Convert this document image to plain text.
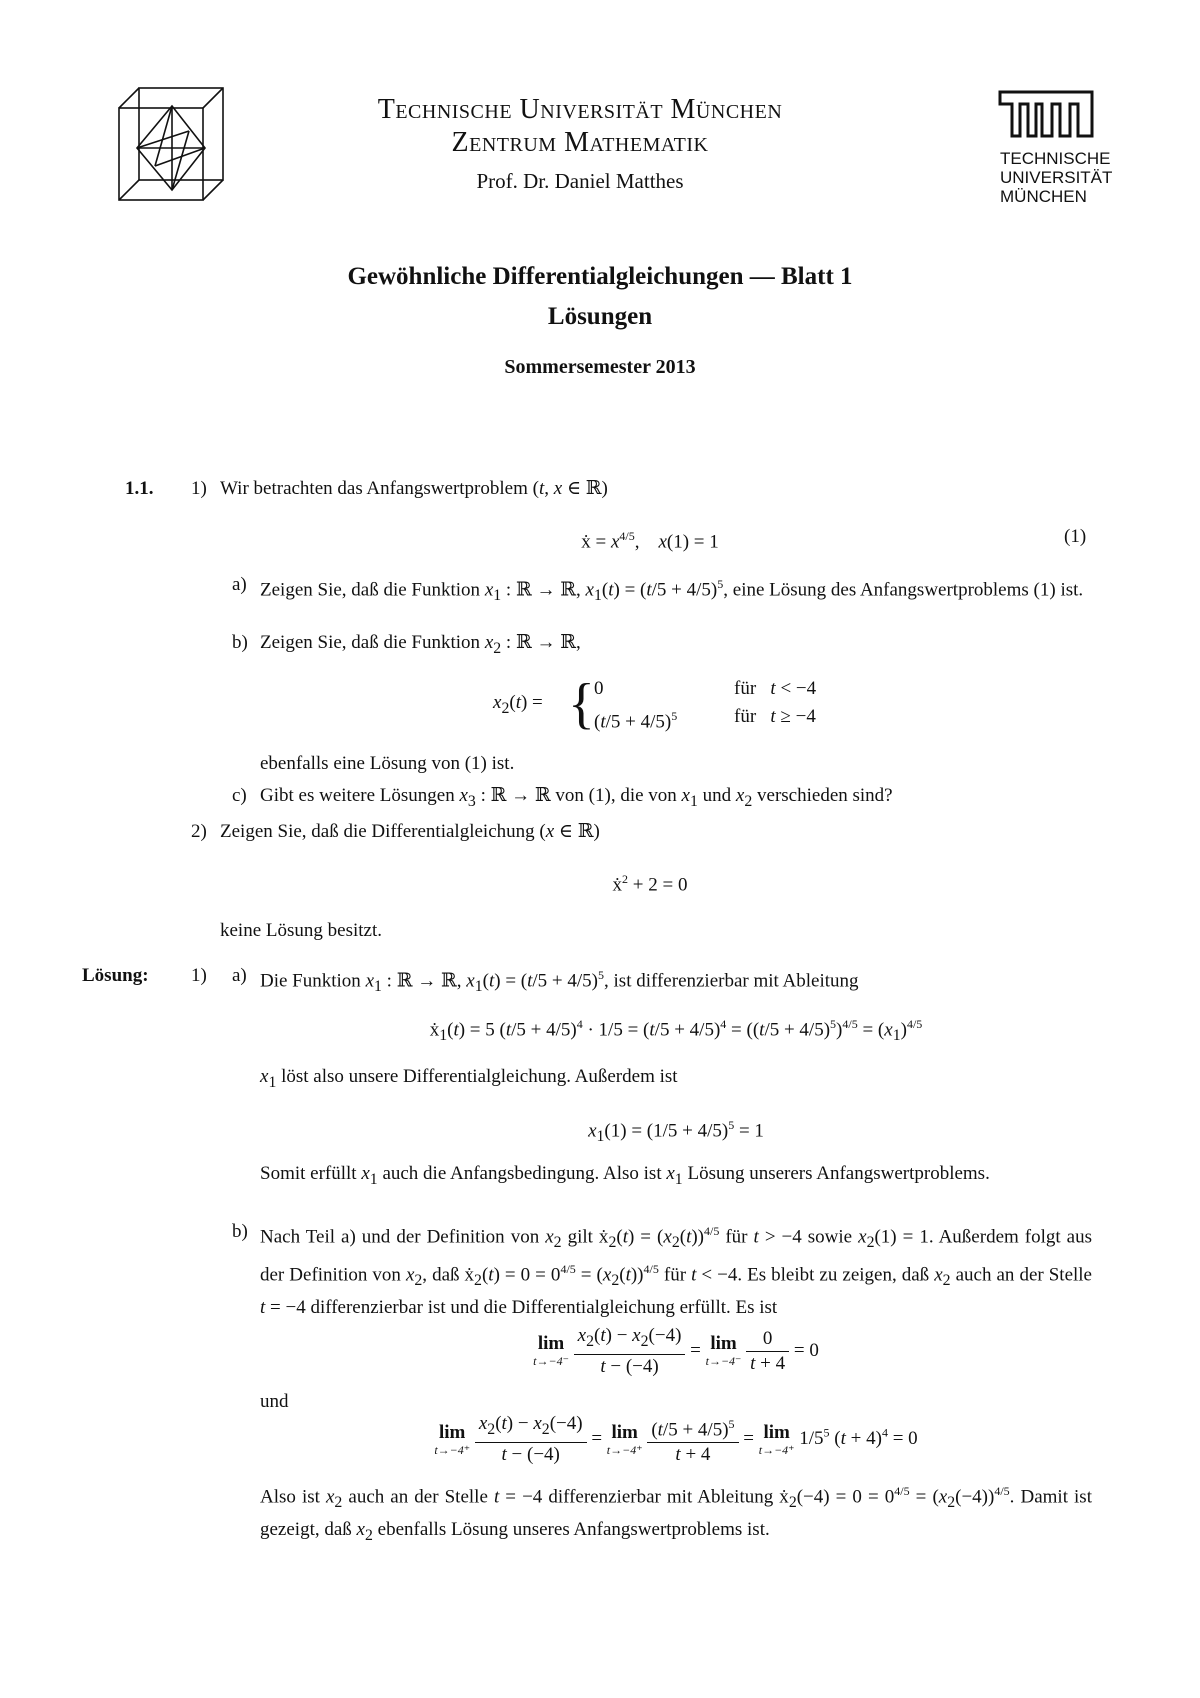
Technische Universität München
Zentrum Mathematik
Prof. Dr. Daniel Matthes
TECHNISCHE
UNIVERSITÄT
MÜNCHEN
Gewöhnliche Differentialgleichungen — Blatt 1
Lösungen
Sommersemester 2013
1.1. 1) Wir betrachten das Anfangswertproblem (t, x ∈ ℝ)
ẋ = $x^{4/5}$,    x(1) = 1	(1)
a) Zeigen Sie, daß die Funktion $x_1$ : ℝ → ℝ, $x_1(t) = (t/5 + 4/5)^5$, eine Lösung des Anfangswertproblems (1) ist.
b) Zeigen Sie, daß die Funktion $x_2$ : ℝ → ℝ,
$x_2(t)$ = { 0	für   t < −4
$(t/5 + 4/5)^5$	für   t ≥ −4
ebenfalls eine Lösung von (1) ist.
c) Gibt es weitere Lösungen $x_3$ : ℝ → ℝ von (1), die von $x_1$ und $x_2$ verschieden sind?
2) Zeigen Sie, daß die Differentialgleichung (x ∈ ℝ)
ẋ$^2$ + 2 = 0
keine Lösung besitzt.
Lösung: 1) a) Die Funktion $x_1$ : ℝ → ℝ, $x_1(t) = (t/5 + 4/5)^5$, ist differenzierbar mit Ableitung
ẋ$_1$(t) = 5 $(t/5 + 4/5)^4 \cdot 1/5 = (t/5 + 4/5)^4 = ((t/5 + 4/5)^5)^{4/5} = (x_1)^{4/5}$
$x_1$ löst also unsere Differentialgleichung. Außerdem ist
$x_1(1) = (1/5 + 4/5)^5 = 1$
Somit erfüllt $x_1$ auch die Anfangsbedingung. Also ist $x_1$ Lösung unserers Anfangswertproblems.
b) Nach Teil a) und der Definition von $x_2$ gilt ẋ$_2$(t) = $(x_2(t))^{4/5}$ für t > −4 sowie $x_2(1) = 1$. Außerdem folgt aus der Definition von $x_2$, daß ẋ$_2$(t) = $0 = 0^{4/5} = (x_2(t))^{4/5}$ für t < −4. Es bleibt zu zeigen, daß $x_2$ auch an der Stelle t = −4 differenzierbar ist und die Differentialgleichung erfüllt. Es ist
lim
t→−4⁻
$\frac{x_2(t) - x_2(-4)}{t - (-4)} = \lim$
t→−4⁻
$\frac{0}{t + 4} = 0$
und
lim
t→−4⁺
$\frac{x_2(t) - x_2(-4)}{t - (-4)} = \lim$
t→−4⁺
$\frac{(t/5 + 4/5)^5}{t + 4} = \lim$
t→−4⁺
$1/5^5$ $(t + 4)^4 = 0$
Also ist $x_2$ auch an der Stelle t = −4 differenzierbar mit Ableitung ẋ$_2$(−4) = $0 = 0^{4/5} = (x_2(-4))^{4/5}$. Damit ist gezeigt, daß $x_2$ ebenfalls Lösung unseres Anfangswertproblems ist.
